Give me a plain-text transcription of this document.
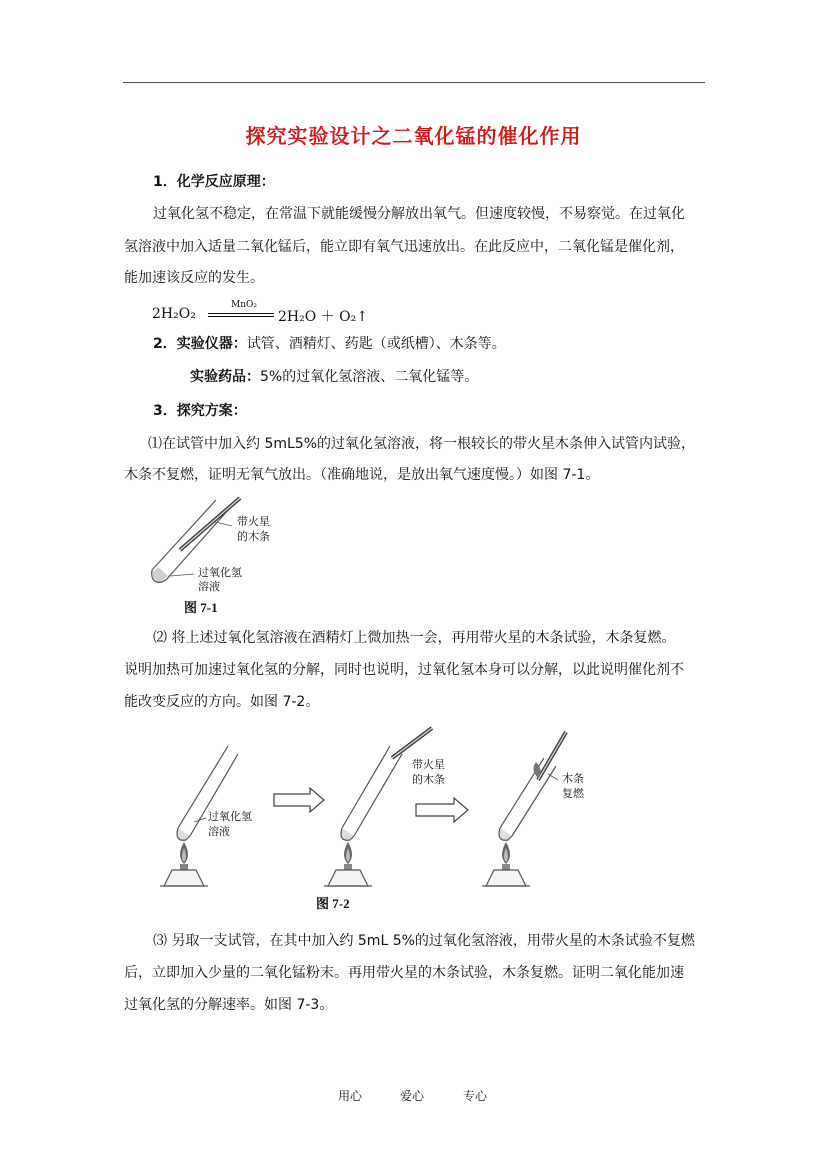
探究实验设计之二氧化锰的催化作用
1．化学反应原理：
过氧化氢不稳定，在常温下就能缓慢分解放出氧气。但速度较慢，不易察觉。在过氧化
氢溶液中加入适量二氧化锰后，能立即有氧气迅速放出。在此反应中，二氧化锰是催化剂，
能加速该反应的发生。
2H₂O₂
MnO₂
2H₂O ＋ O₂↑
2．实验仪器：试管、酒精灯、药匙（或纸槽）、木条等。
实验药品：5%的过氧化氢溶液、二氧化锰等。
3．探究方案：
⑴在试管中加入约 5mL5%的过氧化氢溶液，将一根较长的带火星木条伸入试管内试验，
木条不复燃，证明无氧气放出。（准确地说，是放出氧气速度慢。）如图 7-1。
带火星
的木条
过氧化氢
溶液
图 7-1
⑵ 将上述过氧化氢溶液在酒精灯上微加热一会，再用带火星的木条试验，木条复燃。
说明加热可加速过氧化氢的分解，同时也说明，过氧化氢本身可以分解，以此说明催化剂不
能改变反应的方向。如图 7-2。
过氧化氢
溶液
带火星
的木条	木条
复燃
图 7-2
⑶ 另取一支试管，在其中加入约 5mL 5%的过氧化氢溶液，用带火星的木条试验不复燃
后，立即加入少量的二氧化锰粉末。再用带火星的木条试验，木条复燃。证明二氧化能加速
过氧化氢的分解速率。如图 7-3。
用心	爱心	专心
